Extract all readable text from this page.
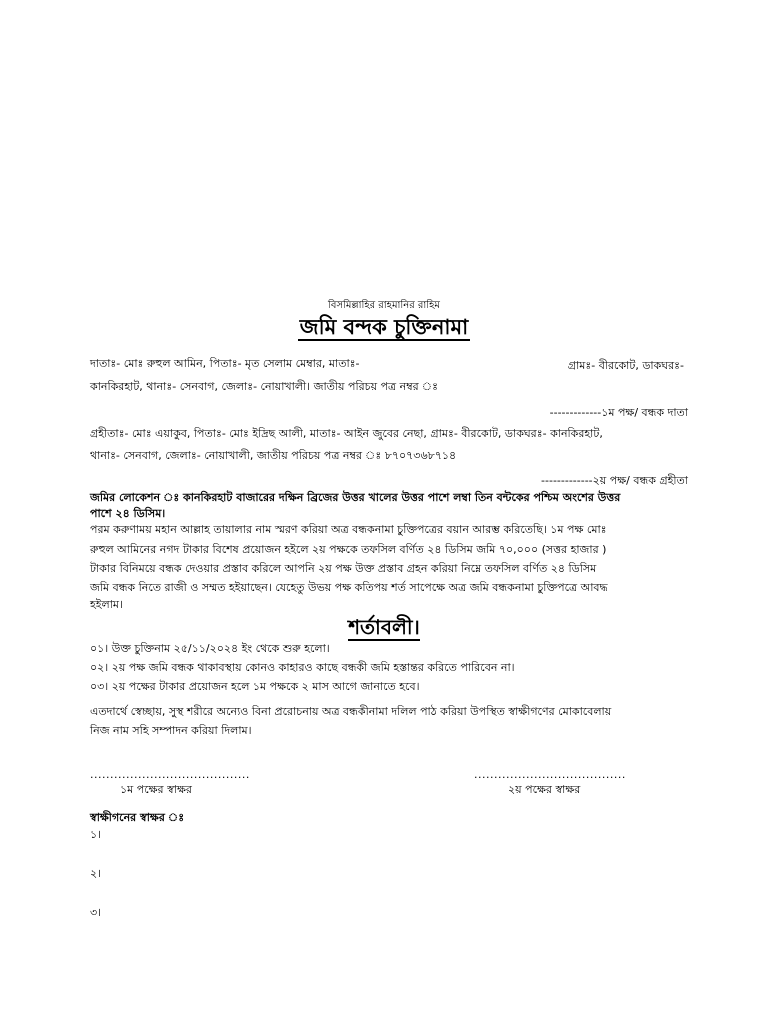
বিসমিল্লাহির রাহমানির রাহিম
জমি বন্দক চুক্তিনামা
দাতাঃ- মোঃ রুহুল আমিন, পিতাঃ- মৃত সেলাম মেম্বার, মাতাঃ-	গ্রামঃ- বীরকোট, ডাকঘরঃ-
কানকিরহাট, থানাঃ- সেনবাগ, জেলাঃ- নোয়াখালী। জাতীয় পরিচয় পত্র নম্বর ঃ
-------------১ম পক্ষ/ বন্ধক দাতা
গ্রহীতাঃ- মোঃ এয়াকুব, পিতাঃ- মোঃ ইদ্রিছ আলী, মাতাঃ- আইন জুবের নেছা, গ্রামঃ- বীরকোট, ডাকঘরঃ- কানকিরহাট,
থানাঃ- সেনবাগ, জেলাঃ- নোয়াখালী, জাতীয় পরিচয় পত্র নম্বর ঃ ৮৭০৭৩৬৮৭১৪
-------------২য় পক্ষ/ বন্ধক গ্রহীতা
জমির লোকেশন ঃ কানকিরহাট বাজারের দক্ষিন ব্রিজের উত্তর খালের উত্তর পাশে লম্বা তিন বন্টকের পশ্চিম অংশের উত্তর
পাশে ২৪ ডিসিম।
পরম করুণাময় মহান আল্লাহ তায়ালার নাম স্মরণ করিয়া অত্র বন্ধকনামা চুক্তিপত্রের বয়ান আরম্ভ করিতেছি। ১ম পক্ষ মোঃ
রুহুল আমিনের নগদ টাকার বিশেষ প্রয়োজন হইলে ২য় পক্ষকে তফসিল বর্ণিত ২৪ ডিসিম জমি ৭০,০০০ (সত্তর হাজার )
টাকার বিনিময়ে বন্ধক দেওয়ার প্রস্তাব করিলে আপনি ২য় পক্ষ উক্ত প্রস্তাব গ্রহন করিয়া নিম্নে তফসিল বর্ণিত ২৪ ডিসিম
জমি বন্ধক নিতে রাজী ও সম্মত হইয়াছেন। যেহেতু উভয় পক্ষ কতিপয় শর্ত সাপেক্ষে অত্র জমি বন্ধকনামা চুক্তিপত্রে আবদ্ধ
হইলাম।
শর্তাবলী।
০১। উক্ত চুক্তিনাম ২৫/১১/২০২৪ ইং থেকে শুরু হলো।
০২। ২য় পক্ষ জমি বন্ধক থাকাবস্থায় কোনও কাহারও কাছে বন্ধকী জমি হস্তান্তর করিতে পারিবেন না।
০৩। ২য় পক্ষের টাকার প্রয়োজন হলে ১ম পক্ষকে ২ মাস আগে জানাতে হবে।
এতদার্থে স্বেচ্ছায়, সুস্থ শরীরে অন্যেও বিনা প্ররোচনায় অত্র বন্ধকীনামা দলিল পাঠ করিয়া উপস্থিত স্বাক্ষীগণের মোকাবেলায়
নিজ নাম সহি সম্পাদন করিয়া দিলাম।
........................................
১ম পক্ষের স্বাক্ষর
......................................
২য় পক্ষের স্বাক্ষর
স্বাক্ষীগনের স্বাক্ষর ঃ
১।
২।
৩।
